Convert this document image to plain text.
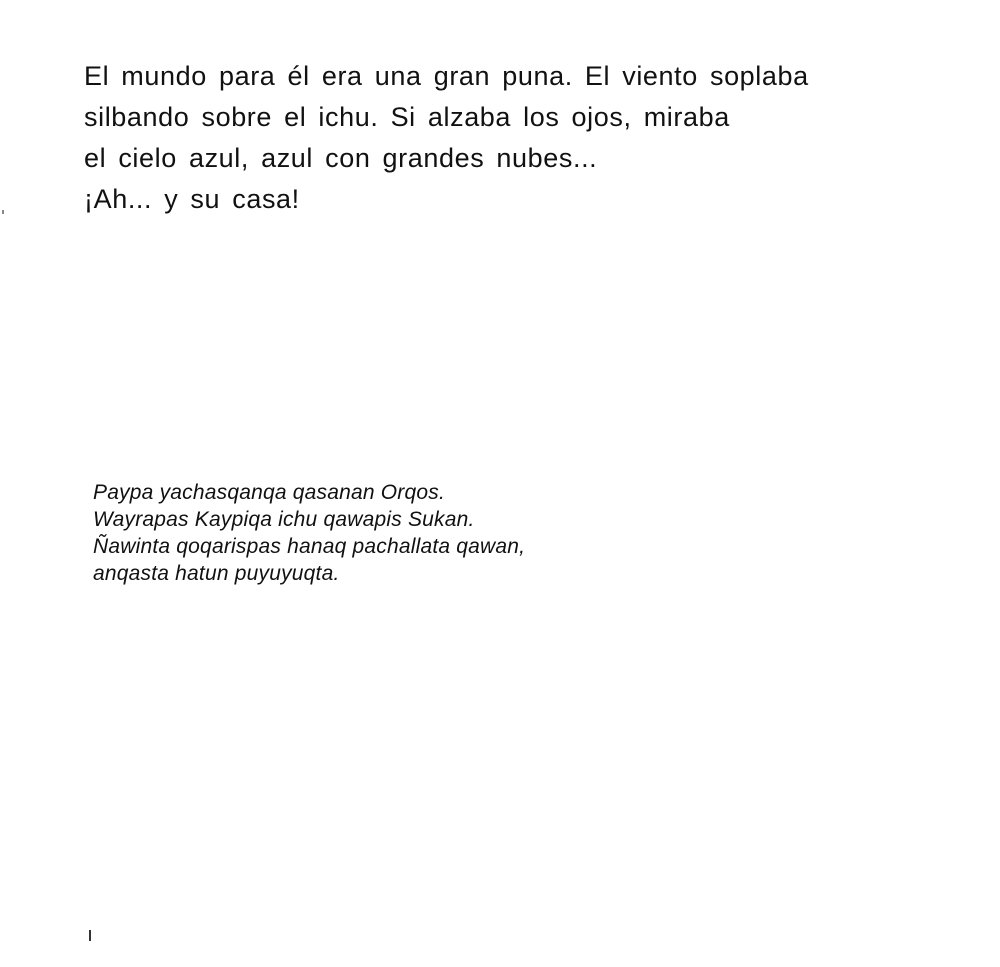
El mundo para él era una gran puna. El viento soplaba
silbando sobre el ichu. Si alzaba los ojos, miraba
el cielo azul, azul con grandes nubes...
¡Ah... y su casa!
Paypa yachasqanqa qasanan Orqos.
Wayrapas Kaypiqa ichu qawapis Sukan.
Ñawinta qoqarispas hanaq pachallata qawan,
anqasta hatun puyuyuqta.
